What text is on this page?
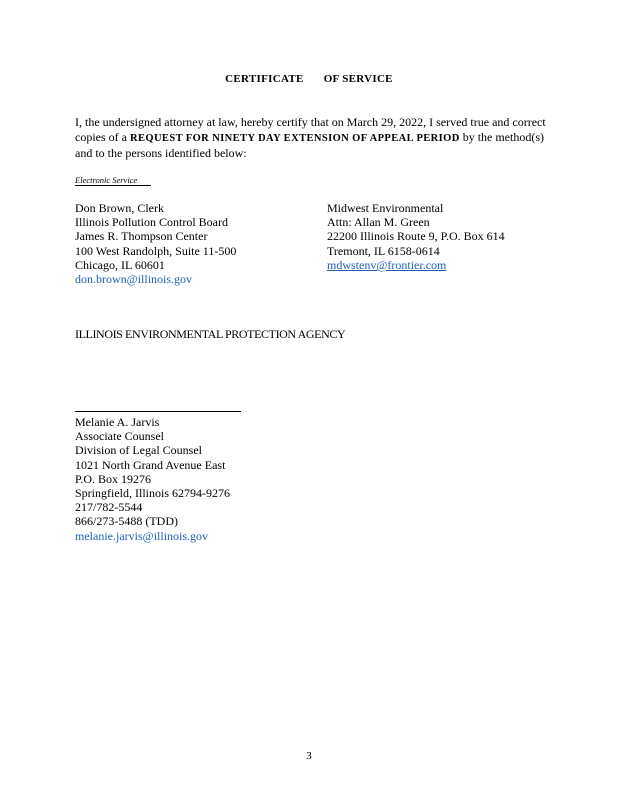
CERTIFICATE OF SERVICE
I, the undersigned attorney at law, hereby certify that on March 29, 2022, I served true and correct copies of a REQUEST FOR NINETY DAY EXTENSION OF APPEAL PERIOD by the method(s) and to the persons identified below:
Electronic Service
Don Brown, Clerk
Illinois Pollution Control Board
James R. Thompson Center
100 West Randolph, Suite 11-500
Chicago, IL 60601
don.brown@illinois.gov
Midwest Environmental
Attn: Allan M. Green
22200 Illinois Route 9, P.O. Box 614
Tremont, IL 6158-0614
mdwstenv@frontier.com
ILLINOIS ENVIRONMENTAL PROTECTION AGENCY
Melanie A. Jarvis
Associate Counsel
Division of Legal Counsel
1021 North Grand Avenue East
P.O. Box 19276
Springfield, Illinois 62794-9276
217/782-5544
866/273-5488 (TDD)
melanie.jarvis@illinois.gov
3
